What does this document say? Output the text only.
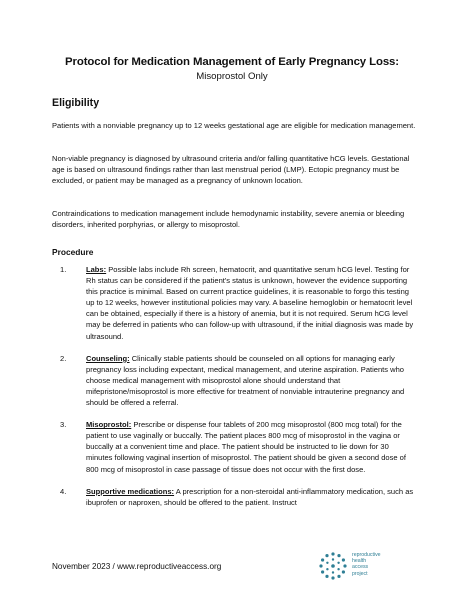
Protocol for Medication Management of Early Pregnancy Loss:
Misoprostol Only
Eligibility

Patients with a nonviable pregnancy up to 12 weeks gestational age are eligible for medication management.

Non-viable pregnancy is diagnosed by ultrasound criteria and/or falling quantitative hCG levels. Gestational age is based on ultrasound findings rather than last menstrual period (LMP). Ectopic pregnancy must be excluded, or patient may be managed as a pregnancy of unknown location.

Contraindications to medication management include hemodynamic instability, severe anemia or bleeding disorders, inherited porphyrias, or allergy to misoprostol.

Procedure
1.	Labs: Possible labs include Rh screen, hematocrit, and quantitative serum hCG level. Testing for Rh status can be considered if the patient's status is unknown, however the evidence supporting this practice is minimal. Based on current practice guidelines, it is reasonable to forgo this testing up to 12 weeks, however institutional policies may vary. A baseline hemoglobin or hematocrit level can be obtained, especially if there is a history of anemia, but it is not required. Serum hCG level may be deferred in patients who can follow-up with ultrasound, if the initial diagnosis was made by ultrasound.
2.	Counseling: Clinically stable patients should be counseled on all options for managing early pregnancy loss including expectant, medical management, and uterine aspiration. Patients who choose medical management with misoprostol alone should understand that mifepristone/misoprostol is more effective for treatment of nonviable intrauterine pregnancy and should be offered a referral.
3.	Misoprostol: Prescribe or dispense four tablets of 200 mcg misoprostol (800 mcg total) for the patient to use vaginally or buccally. The patient places 800 mcg of misoprostol in the vagina or buccally at a convenient time and place. The patient should be instructed to lie down for 30 minutes following vaginal insertion of misoprostol. The patient should be given a second dose of 800 mcg of misoprostol in case passage of tissue does not occur with the first dose.
4.	Supportive medications: A prescription for a non-steroidal anti-inflammatory medication, such as ibuprofen or naproxen, should be offered to the patient. Instruct
November 2023 / www.reproductiveaccess.org
reproductive
health
access
project
